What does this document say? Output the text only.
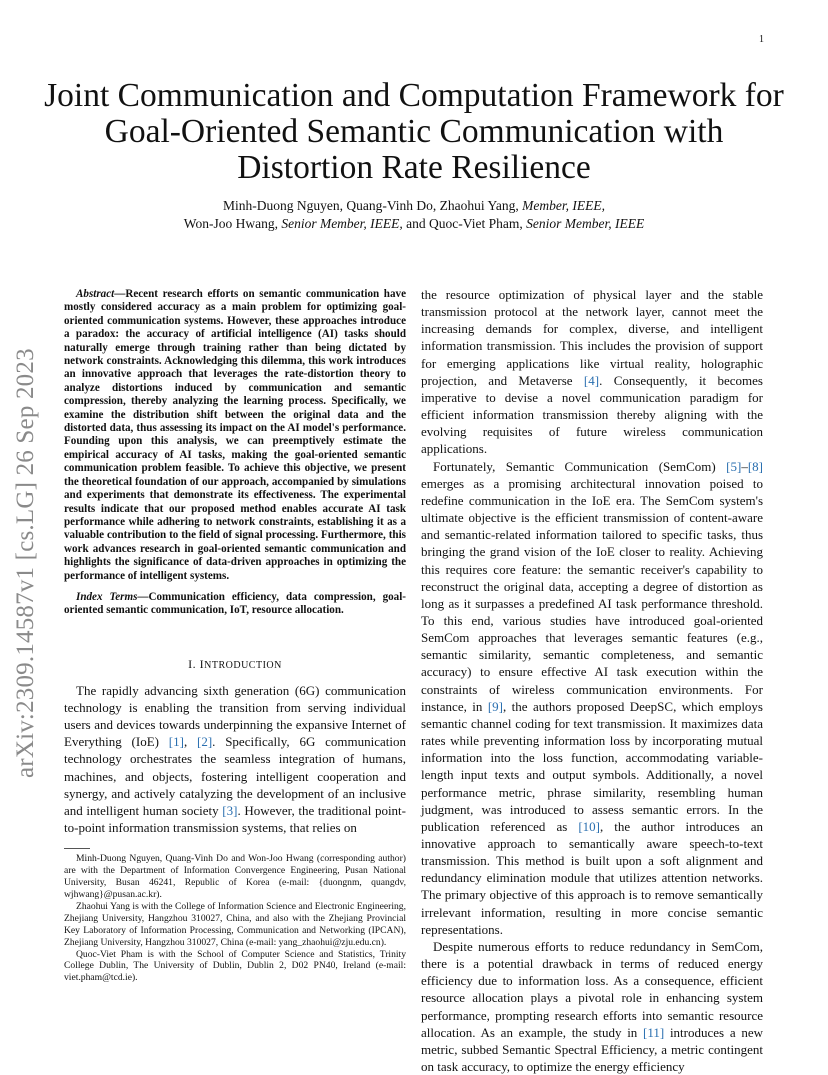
1
arXiv:2309.14587v1 [cs.LG] 26 Sep 2023
Joint Communication and Computation Framework for Goal-Oriented Semantic Communication with Distortion Rate Resilience
Minh-Duong Nguyen, Quang-Vinh Do, Zhaohui Yang, Member, IEEE,
Won-Joo Hwang, Senior Member, IEEE, and Quoc-Viet Pham, Senior Member, IEEE

Abstract—Recent research efforts on semantic communication have mostly considered accuracy as a main problem for optimizing goal-oriented communication systems. However, these approaches introduce a paradox: the accuracy of artificial intelligence (AI) tasks should naturally emerge through training rather than being dictated by network constraints. Acknowledging this dilemma, this work introduces an innovative approach that leverages the rate-distortion theory to analyze distortions induced by communication and semantic compression, thereby analyzing the learning process. Specifically, we examine the distribution shift between the original data and the distorted data, thus assessing its impact on the AI model's performance. Founding upon this analysis, we can preemptively estimate the empirical accuracy of AI tasks, making the goal-oriented semantic communication problem feasible. To achieve this objective, we present the theoretical foundation of our approach, accompanied by simulations and experiments that demonstrate its effectiveness. The experimental results indicate that our proposed method enables accurate AI task performance while adhering to network constraints, establishing it as a valuable contribution to the field of signal processing. Furthermore, this work advances research in goal-oriented semantic communication and highlights the significance of data-driven approaches in optimizing the performance of intelligent systems.

Index Terms—Communication efficiency, data compression, goal-oriented semantic communication, IoT, resource allocation.

I. INTRODUCTION

The rapidly advancing sixth generation (6G) communication technology is enabling the transition from serving individual users and devices towards underpinning the expansive Internet of Everything (IoE) [1], [2]. Specifically, 6G communication technology orchestrates the seamless integration of humans, machines, and objects, fostering intelligent cooperation and synergy, and actively catalyzing the development of an inclusive and intelligent human society [3]. However, the traditional point-to-point information transmission systems, that relies on

Minh-Duong Nguyen, Quang-Vinh Do and Won-Joo Hwang (corresponding author) are with the Department of Information Convergence Engineering, Pusan National University, Busan 46241, Republic of Korea (e-mail: {duongnm, quangdv, wjhwang}@pusan.ac.kr).

Zhaohui Yang is with the College of Information Science and Electronic Engineering, Zhejiang University, Hangzhou 310027, China, and also with the Zhejiang Provincial Key Laboratory of Information Processing, Communication and Networking (IPCAN), Zhejiang University, Hangzhou 310027, China (e-mail: yang_zhaohui@zju.edu.cn).

Quoc-Viet Pham is with the School of Computer Science and Statistics, Trinity College Dublin, The University of Dublin, Dublin 2, D02 PN40, Ireland (e-mail: viet.pham@tcd.ie).

the resource optimization of physical layer and the stable transmission protocol at the network layer, cannot meet the increasing demands for complex, diverse, and intelligent information transmission. This includes the provision of support for emerging applications like virtual reality, holographic projection, and Metaverse [4]. Consequently, it becomes imperative to devise a novel communication paradigm for efficient information transmission thereby aligning with the evolving requisites of future wireless communication applications.

Fortunately, Semantic Communication (SemCom) [5]–[8] emerges as a promising architectural innovation poised to redefine communication in the IoE era. The SemCom system's ultimate objective is the efficient transmission of content-aware and semantic-related information tailored to specific tasks, thus bringing the grand vision of the IoE closer to reality. Achieving this requires core feature: the semantic receiver's capability to reconstruct the original data, accepting a degree of distortion as long as it surpasses a predefined AI task performance threshold. To this end, various studies have introduced goal-oriented SemCom approaches that leverages semantic features (e.g., semantic similarity, semantic completeness, and semantic accuracy) to ensure effective AI task execution within the constraints of wireless communication environments. For instance, in [9], the authors proposed DeepSC, which employs semantic channel coding for text transmission. It maximizes data rates while preventing information loss by incorporating mutual information into the loss function, accommodating variable-length input texts and output symbols. Additionally, a novel performance metric, phrase similarity, resembling human judgment, was introduced to assess semantic errors. In the publication referenced as [10], the author introduces an innovative approach to semantically aware speech-to-text transmission. This method is built upon a soft alignment and redundancy elimination module that utilizes attention networks. The primary objective of this approach is to remove semantically irrelevant information, resulting in more concise semantic representations.

Despite numerous efforts to reduce redundancy in SemCom, there is a potential drawback in terms of reduced energy efficiency due to information loss. As a consequence, efficient resource allocation plays a pivotal role in enhancing system performance, prompting research efforts into semantic resource allocation. As an example, the study in [11] introduces a new metric, subbed Semantic Spectral Efficiency, a metric contingent on task accuracy, to optimize the energy efficiency
